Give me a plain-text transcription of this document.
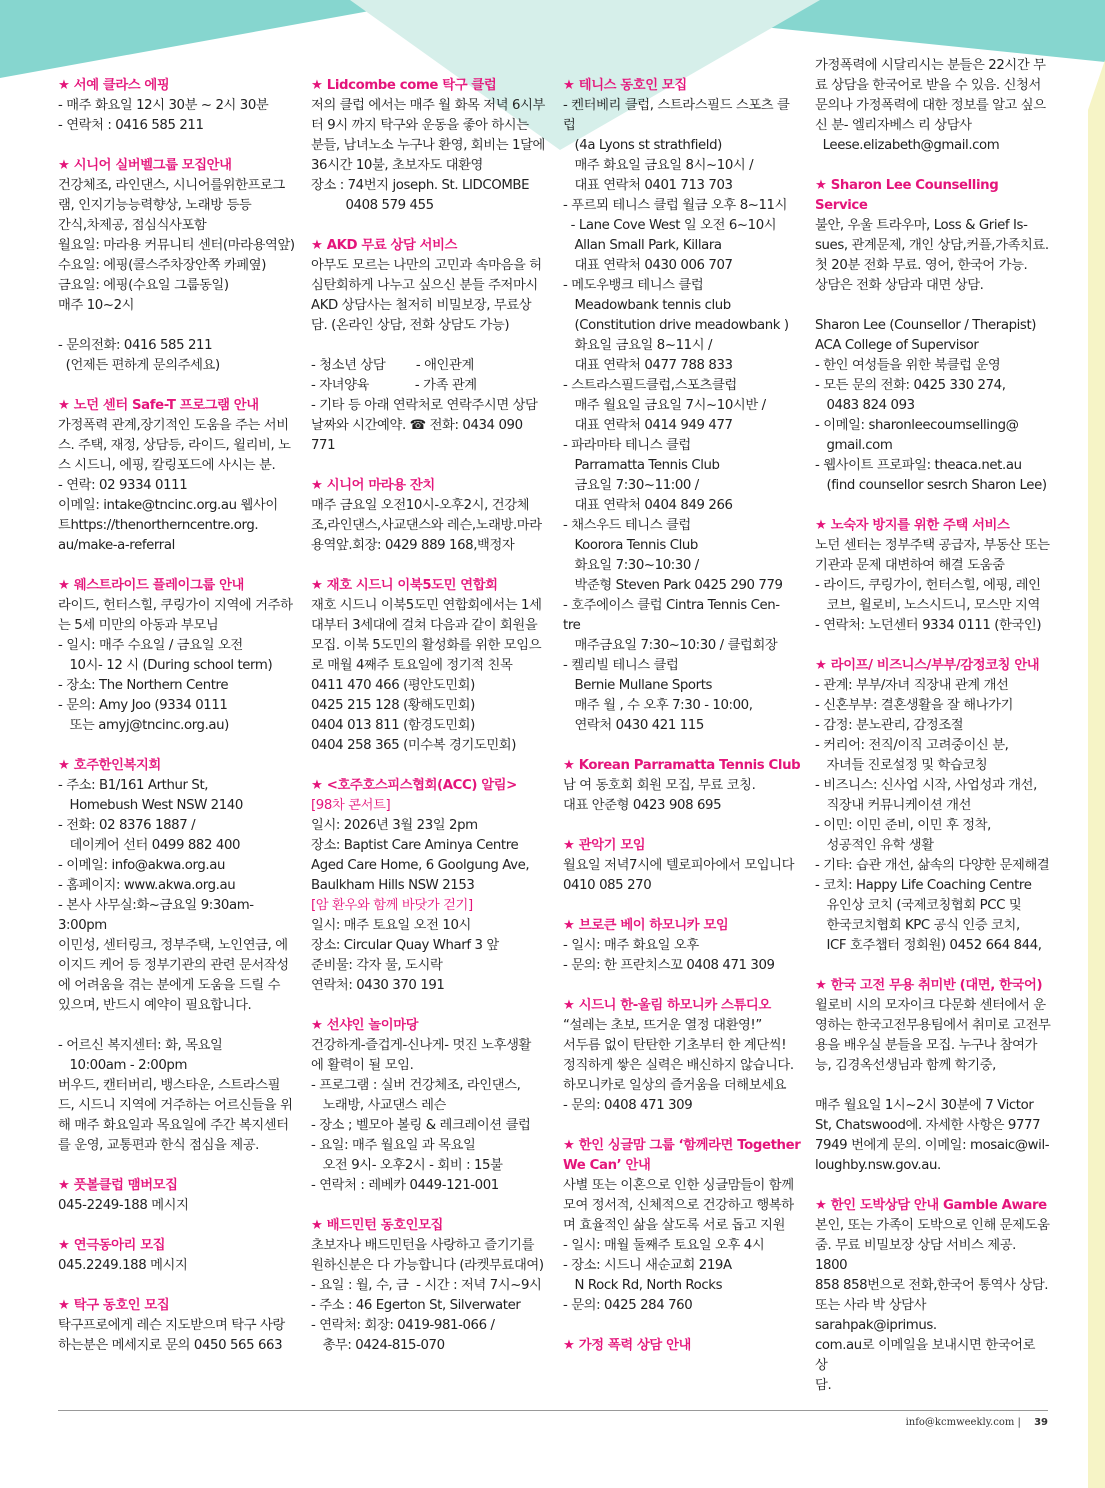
★ 서예 클라스 에핑
- 매주 화요일 12시 30분 ~ 2시 30분
- 연락처 : 0416 585 211
★ 시니어 실버벨그룹 모집안내
건강체조, 라인댄스, 시니어를위한프로그
램, 인지기능능력향상, 노래방 등등
간식,차제공, 점심식사포함
월요일: 마라용 커뮤니티 센터(마라용역앞)
수요일: 에핑(콜스주차장안쪽 카페옆)
금요일: 에핑(수요일 그룹동일)
매주 10~2시
- 문의전화: 0416 585 211
(언제든 편하게 문의주세요)
★ 노던 센터 Safe-T 프로그램 안내
가정폭력 관계,장기적인 도움을 주는 서비
스. 주택, 재정, 상담등, 라이드, 윌리비, 노
스 시드니, 에핑, 칼링포드에 사시는 분.
- 연락: 02 9334 0111
이메일: intake@tncinc.org.au 웹사이
트https://thenortherncentre.org.
au/make-a-referral
★ 웨스트라이드 플레이그룹 안내
라이드, 헌터스힐, 쿠링가이 지역에 거주하
는 5세 미만의 아동과 부모님
- 일시: 매주 수요일 / 금요일 오전
10시- 12 시 (During school term)
- 장소: The Northern Centre
- 문의: Amy Joo (9334 0111
또는 amyj@tncinc.org.au)
★ 호주한인복지회
- 주소: B1/161 Arthur St,
Homebush West NSW 2140
- 전화: 02 8376 1887 /
데이케어 선터 0499 882 400
- 이메일: info@akwa.org.au
- 홈페이지: www.akwa.org.au
- 본사 사무실:화~금요일 9:30am- 3:00pm
이민성, 센터링크, 정부주택, 노인연금, 에
이지드 케어 등 정부기관의 관련 문서작성
에 어려움을 겪는 분에게 도움을 드릴 수
있으며, 반드시 예약이 필요합니다.
- 어르신 복지센터: 화, 목요일
10:00am - 2:00pm
버우드, 캔터버리, 뱅스타운, 스트라스필
드, 시드니 지역에 거주하는 어르신들을 위
해 매주 화요일과 목요일에 주간 복지센터
를 운영, 교통편과 한식 점심을 제공.
★ 풋볼클럽 맴버모집
045-2249-188 메시지
★ 연극동아리 모집
045.2249.188 메시지
★ 탁구 동호인 모집
탁구프로에게 레슨 지도받으며 탁구 사랑
하는분은 메세지로 문의 0450 565 663
★ Lidcombe come 탁구 클럽
저의 클럽 에서는 매주 월 화목 저녁 6시부
터 9시 까지 탁구와 운동을 좋아 하시는
분들, 남녀노소 누구나 환영, 회비는 1달에
36시간 10불, 초보자도 대환영
장소 : 74번지 joseph. St. LIDCOMBE
0408 579 455
★ AKD 무료 상담 서비스
아무도 모르는 나만의 고민과 속마음을 허
심탄회하게 나누고 싶으신 분들 주저마시
AKD 상담사는 철저히 비밀보장, 무료상
담. (온라인 상담, 전화 상담도 가능)
- 청소년 상담        - 애인관계
- 자녀양육            - 가족 관계
- 기타 등 아래 연락처로 연락주시면 상담
날짜와 시간예약. ☎ 전화: 0434 090 771
★ 시니어 마라용 잔치
매주 금요일 오전10시-오후2시, 건강체
조,라인댄스,사교댄스와 레슨,노래방.마라
용역앞.회장: 0429 889 168,백정자
★ 재호 시드니 이북5도민 연합회
재호 시드니 이북5도민 연합회에서는 1세
대부터 3세대에 걸쳐 다음과 같이 회원을
모집. 이북 5도민의 활성화를 위한 모임으
로 매월 4째주 토요일에 정기적 친목
0411 470 466 (평안도민회)
0425 215 128 (황해도민회)
0404 013 811 (함경도민회)
0404 258 365 (미수복 경기도민회)
★ <호주호스피스협회(ACC) 알림>
[98차 콘서트]
일시: 2026년 3월 23일 2pm
장소: Baptist Care Aminya Centre
Aged Care Home, 6 Goolgung Ave,
Baulkham Hills NSW 2153
[암 환우와 함께 바닷가 걷기]
일시: 매주 토요일 오전 10시
장소: Circular Quay Wharf 3 앞
준비물: 각자 물, 도시락
연락처: 0430 370 191
★ 선샤인 놀이마당
건강하게-즐겁게-신나게- 멋진 노후생활
에 활력이 될 모임.
- 프로그램 : 실버 건강체조, 라인댄스,
노래방, 사교댄스 레슨
- 장소 ; 벨모아 볼링 & 레크레이션 클럽
- 요일: 매주 월요일 과 목요일
오전 9시- 오후2시 - 회비 : 15불
- 연락처 : 레베카 0449-121-001
★ 배드민턴 동호인모집
초보자나 배드민턴을 사랑하고 즐기기를
원하신분은 다 가능합니다 (라켓무료대여)
- 요일 : 월, 수, 금  - 시간 : 저녁 7시~9시
- 주소 : 46 Egerton St, Silverwater
- 연락처: 회장: 0419-981-066 /
총무: 0424-815-070
★ 테니스 동호인 모집
- 켄터베리 클럽, 스트라스필드 스포츠 클럽
(4a Lyons st strathfield)
매주 화요일 금요일 8시~10시 /
대표 연락처 0401 713 703
- 푸르뫼 테니스 클럽 월금 오후 8~11시
- Lane Cove West 일 오전 6~10시
Allan Small Park, Killara
대표 연락처 0430 006 707
- 메도우뱅크 테니스 클럽
Meadowbank tennis club
(Constitution drive meadowbank )
화요일 금요일 8~11시 /
대표 연락처 0477 788 833
- 스트라스필드클럽,스포츠클럽
매주 월요일 금요일 7시~10시반 /
대표 연락처 0414 949 477
- 파라마타 테니스 클럽
Parramatta Tennis Club
금요일 7:30~11:00 /
대표 연락처 0404 849 266
- 채스우드 테니스 클럽
Koorora Tennis Club
화요일 7:30~10:30 /
박준형 Steven Park 0425 290 779
- 호주에이스 클럽 Cintra Tennis Cen-
tre
매주금요일 7:30~10:30 / 클럽회장
- 켈리빌 테니스 클럽
Bernie Mullane Sports
매주 월 , 수 오후 7:30 - 10:00,
연락처 0430 421 115
★ Korean Parramatta Tennis Club
남 여 동호회 회원 모집, 무료 코칭.
대표 안준형 0423 908 695
★ 관악기 모임
월요일 저녁7시에 텔로피아에서 모입니다
0410 085 270
★ 브로큰 베이 하모니카 모임
- 일시: 매주 화요일 오후
- 문의: 한 프란치스꼬 0408 471 309
★ 시드니 한-울림 하모니카 스튜디오
“설레는 초보, 뜨거운 열정 대환영!”
서두름 없이 탄탄한 기초부터 한 계단씩!
정직하게 쌓은 실력은 배신하지 않습니다.
하모니카로 일상의 즐거움을 더해보세요
- 문의: 0408 471 309
★ 한인 싱글맘 그룹 ‘함께라면 Together We Can’ 안내
사별 또는 이혼으로 인한 싱글맘들이 함께
모여 정서적, 신체적으로 건강하고 행복하
며 효율적인 삶을 살도록 서로 돕고 지원
- 일시: 매월 둘째주 토요일 오후 4시
- 장소: 시드니 새순교회 219A
N Rock Rd, North Rocks
- 문의: 0425 284 760
★ 가정 폭력 상담 안내
가정폭력에 시달리시는 분들은 22시간 무
료 상담을 한국어로 받을 수 있음. 신청서
문의나 가정폭력에 대한 정보를 알고 싶으
신 분- 엘리자베스 리 상담사
Leese.elizabeth@gmail.com
★ Sharon Lee Counselling Service
불안, 우울 트라우마, Loss & Grief Is-
sues, 관계문제, 개인 상담,커플,가족치료.
첫 20분 전화 무료. 영어, 한국어 가능.
상담은 전화 상담과 대면 상담.
Sharon Lee (Counsellor / Therapist)
ACA College of Supervisor
- 한인 여성들을 위한 북클럽 운영
- 모든 문의 전화: 0425 330 274,
0483 824 093
- 이메일: sharonleecoumselling@
gmail.com
- 웹사이트 프로파일: theaca.net.au
(find counsellor sesrch Sharon Lee)
★ 노숙자 방지를 위한 주택 서비스
노던 센터는 정부주택 공급자, 부동산 또는
기관과 문제 대변하여 해결 도움줌
- 라이드, 쿠링가이, 헌터스힐, 에핑, 레인
코브, 윌로비, 노스시드니, 모스만 지역
- 연락처: 노던센터 9334 0111 (한국인)
★ 라이프/ 비즈니스/부부/감정코칭 안내
- 관계: 부부/자녀 직장내 관계 개선
- 신혼부부: 결혼생활을 잘 해나가기
- 감정: 분노관리, 감정조절
- 커리어: 전직/이직 고려중이신 분,
자녀들 진로설정 및 학습코칭
- 비즈니스: 신사업 시작, 사업성과 개선,
직장내 커뮤니케이션 개선
- 이민: 이민 준비, 이민 후 정착,
성공적인 유학 생활
- 기타: 습관 개선, 삶속의 다양한 문제해결
- 코치: Happy Life Coaching Centre
유인상 코치 (국제코칭협회 PCC 및
한국코치협회 KPC 공식 인증 코치,
ICF 호주챕터 정회원) 0452 664 844,
★ 한국 고전 무용 취미반 (대면, 한국어)
윌로비 시의 모자이크 다문화 센터에서 운
영하는 한국고전무용팀에서 취미로 고전무
용을 배우실 분들을 모집. 누구나 참여가
능, 김경옥선생님과 함께 학기중,
매주 월요일 1시~2시 30분에 7 Victor
St, Chatswood에. 자세한 사항은 9777
7949 번에게 문의. 이메일: mosaic@wil-
loughby.nsw.gov.au.
★ 한인 도박상담 안내 Gamble Aware
본인, 또는 가족이 도박으로 인해 문제도움
줌. 무료 비밀보장 상담 서비스 제공. 1800
858 858번으로 전화,한국어 통역사 상담.
또는 사라 박 상담사 sarahpak@iprimus.
com.au로 이메일을 보내시면 한국어로 상
담.
info@kcmweekly.com | 39
